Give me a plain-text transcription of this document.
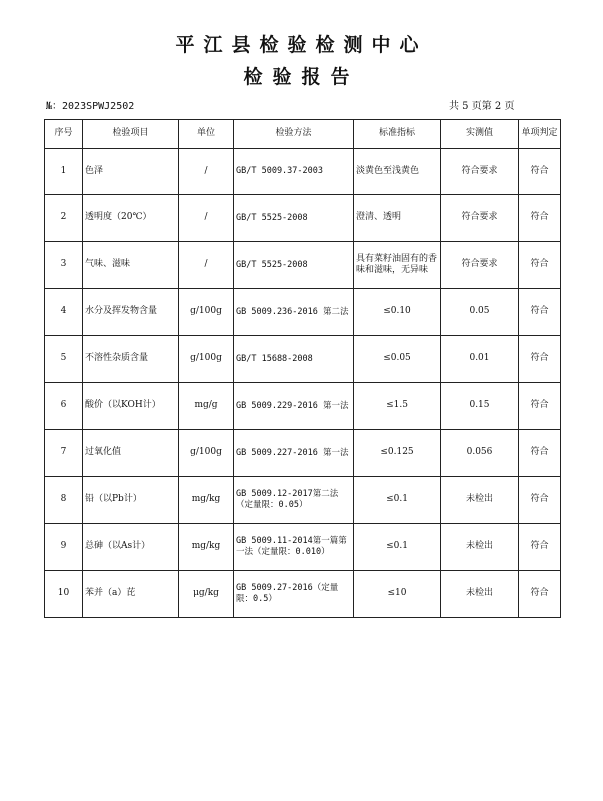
平江县检验检测中心
检验报告
№：2023SPWJ2502	共 5 页第 2 页
序号	检验项目	单位	检验方法	标准指标	实测值	单项判定
1	色泽	/	GB/T 5009.37-2003	淡黄色至浅黄色	符合要求	符合
2	透明度（20℃）	/	GB/T 5525-2008	澄清、透明	符合要求	符合
3	气味、滋味	/	GB/T 5525-2008	具有菜籽油固有的香味和滋味，无异味	符合要求	符合
4	水分及挥发物含量	g/100g	GB 5009.236-2016 第二法	≤0.10	0.05	符合
5	不溶性杂质含量	g/100g	GB/T 15688-2008	≤0.05	0.01	符合
6	酸价（以KOH计）	mg/g	GB 5009.229-2016 第一法	≤1.5	0.15	符合
7	过氧化值	g/100g	GB 5009.227-2016 第一法	≤0.125	0.056	符合
8	铅（以Pb计）	mg/kg	GB 5009.12-2017第二法（定量限：0.05）	≤0.1	未检出	符合
9	总砷（以As计）	mg/kg	GB 5009.11-2014第一篇第一法（定量限：0.010）	≤0.1	未检出	符合
10	苯并（a）芘	μg/kg	GB 5009.27-2016（定量限：0.5）	≤10	未检出	符合
